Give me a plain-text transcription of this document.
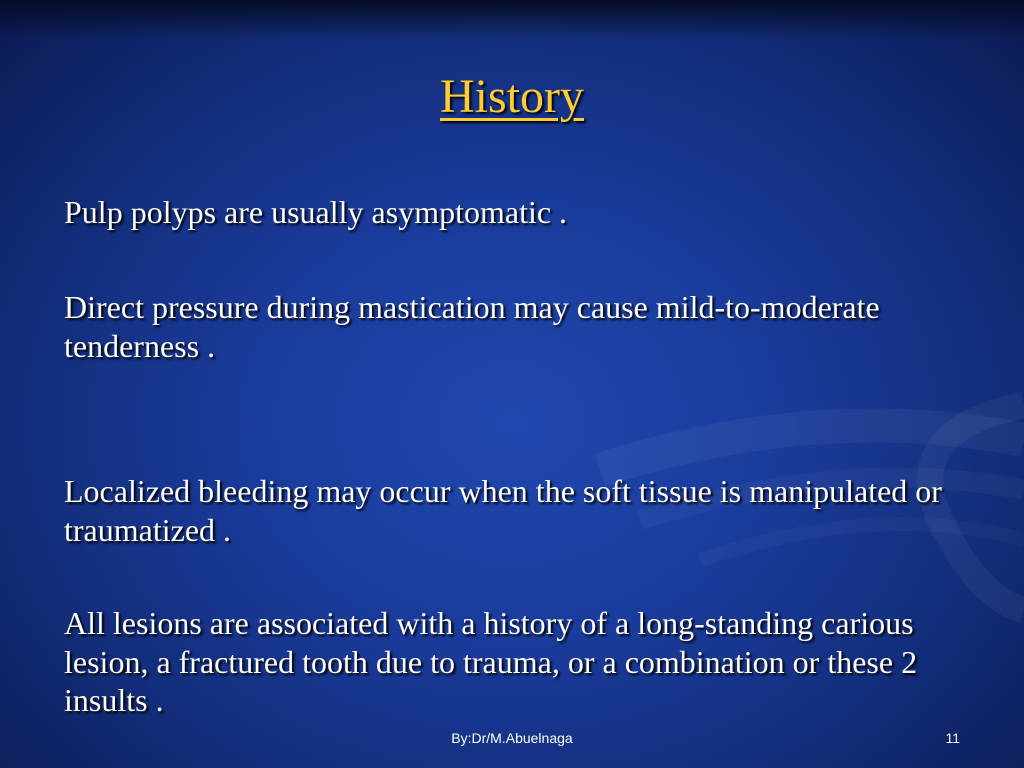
History

Pulp polyps are usually asymptomatic .

Direct pressure during mastication may cause mild-to-moderate tenderness .

Localized bleeding may occur when the soft tissue is manipulated or traumatized .

All lesions are associated with a history of a long-standing carious lesion, a fractured tooth due to trauma, or a combination or these 2 insults .

By:Dr/M.Abuelnaga	11
